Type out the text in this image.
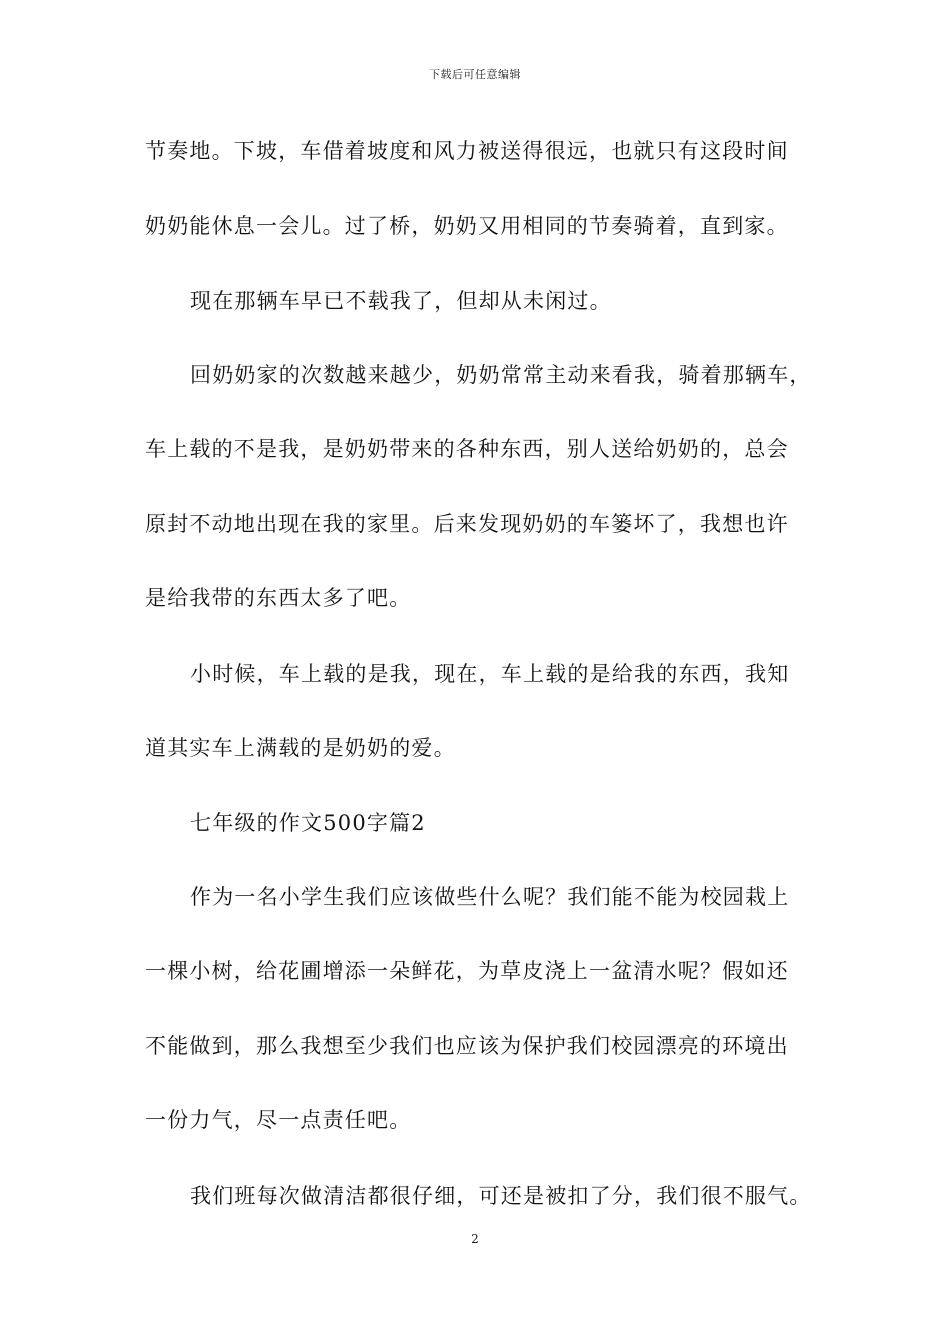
下载后可任意编辑
节奏地。下坡，车借着坡度和风力被送得很远，也就只有这段时间
奶奶能休息一会儿。过了桥，奶奶又用相同的节奏骑着，直到家。
现在那辆车早已不载我了，但却从未闲过。
回奶奶家的次数越来越少，奶奶常常主动来看我，骑着那辆车，
车上载的不是我，是奶奶带来的各种东西，别人送给奶奶的，总会
原封不动地出现在我的家里。后来发现奶奶的车篓坏了，我想也许
是给我带的东西太多了吧。
小时候，车上载的是我，现在，车上载的是给我的东西，我知
道其实车上满载的是奶奶的爱。
七年级的作文500字篇2
作为一名小学生我们应该做些什么呢？我们能不能为校园栽上
一棵小树，给花圃增添一朵鲜花，为草皮浇上一盆清水呢？假如还
不能做到，那么我想至少我们也应该为保护我们校园漂亮的环境出
一份力气，尽一点责任吧。
我们班每次做清洁都很仔细，可还是被扣了分，我们很不服气。
2
